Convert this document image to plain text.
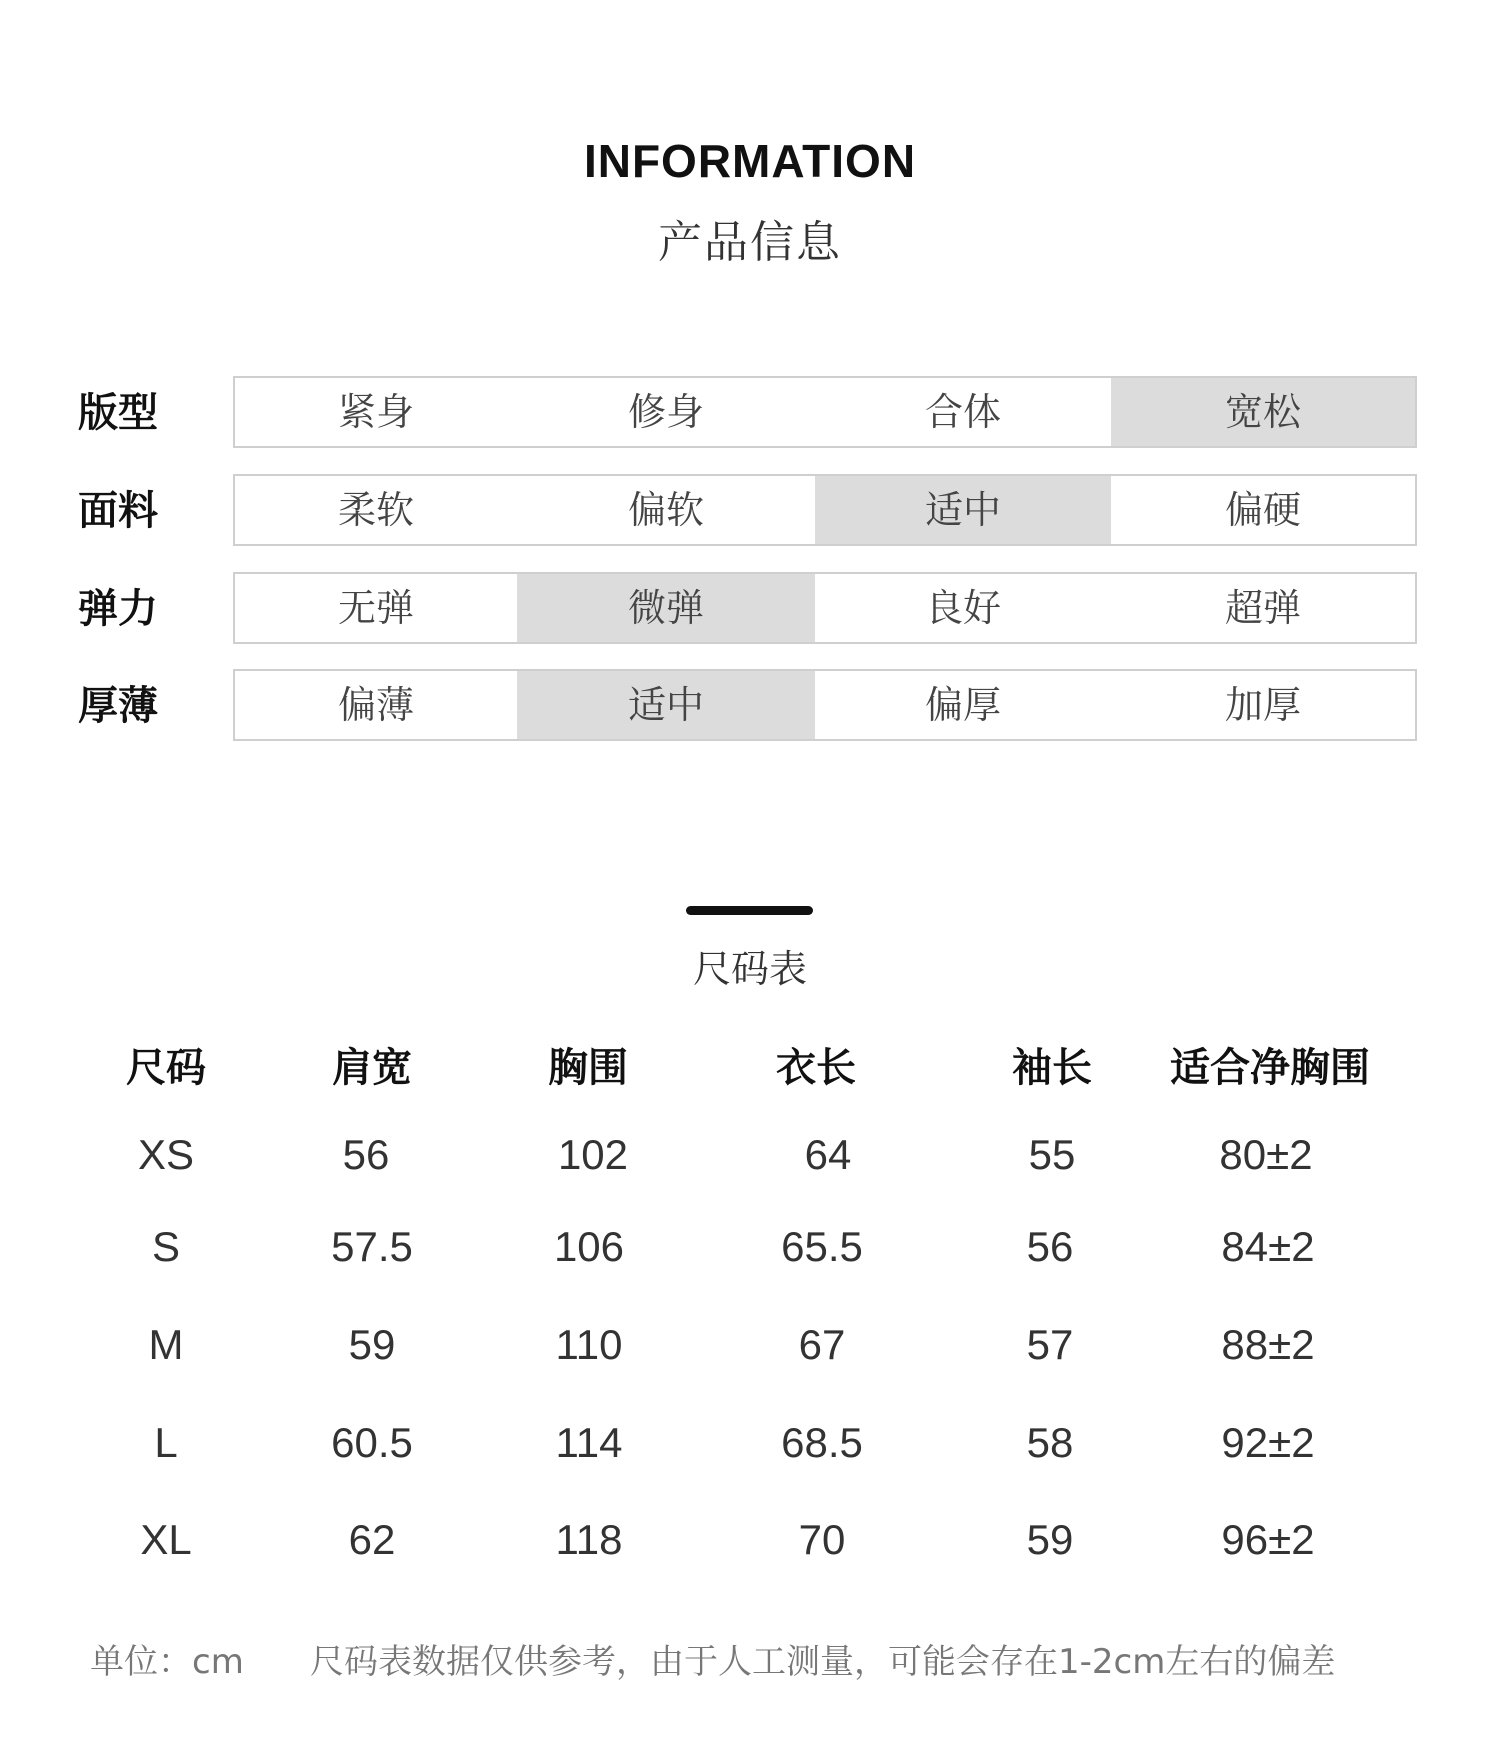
INFORMATION
产品信息
版型	紧身	修身	合体	宽松
面料	柔软	偏软	适中	偏硬
弹力	无弹	微弹	良好	超弹
厚薄	偏薄	适中	偏厚	加厚
尺码表
尺码	肩宽	胸围	衣长	袖长	适合净胸围
XS	56	102	64	55	80±2
S	57.5	106	65.5	56	84±2
M	59	110	67	57	88±2
L	60.5	114	68.5	58	92±2
XL	62	118	70	59	96±2
单位：cm 尺码表数据仅供参考，由于人工测量，可能会存在1-2cm左右的偏差
